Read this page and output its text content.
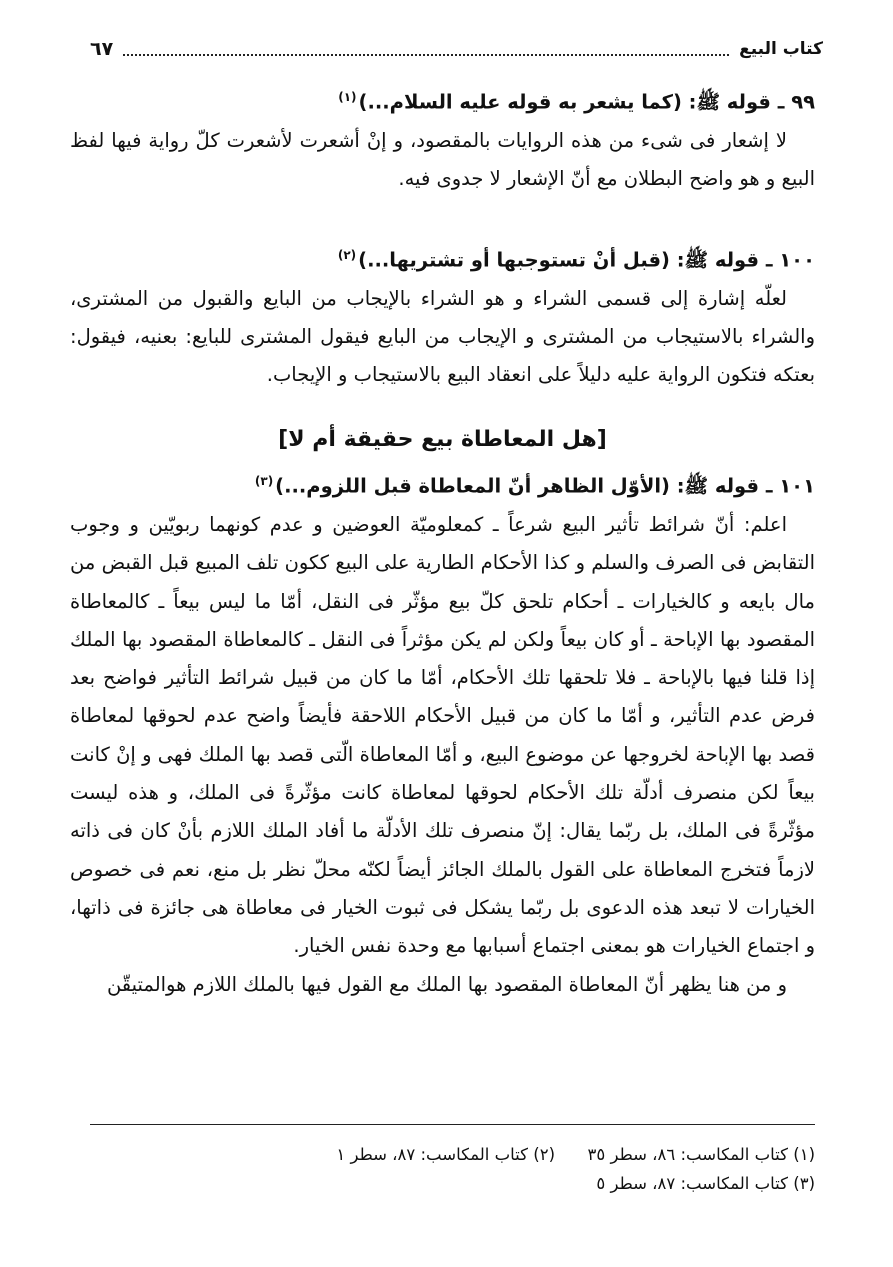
كتاب البيع
٦٧

٩٩ ـ قوله ﷺ: (كما يشعر به قوله عليه السلام...)$^{(١)}$

لا إشعار فى شىء من هذه الروايات بالمقصود، و إنْ أشعرت لأشعرت كلّ رواية فيها لفظ البيع و هو واضح البطلان مع أنّ الإشعار لا جدوى فيه.

١٠٠ ـ قوله ﷺ: (قبل أنْ تستوجبها أو تشتريها...)$^{(٢)}$

لعلّه إشارة إلى قسمى الشراء و هو الشراء بالإيجاب من البايع والقبول من المشترى، والشراء بالاستيجاب من المشترى و الإيجاب من البايع فيقول المشترى للبايع: بعنيه، فيقول: بعتكه فتكون الرواية عليه دليلاً على انعقاد البيع بالاستيجاب و الإيجاب.

[هل المعاطاة بيع حقيقة أم لا]

١٠١ ـ قوله ﷺ: (الأوّل الظاهر أنّ المعاطاة قبل اللزوم...)$^{(٣)}$

اعلم: أنّ شرائط تأثير البيع شرعاً ـ كمعلوميّة العوضين و عدم كونهما ربويّين و وجوب التقابض فى الصرف والسلم و كذا الأحكام الطارية على البيع ككون تلف المبيع قبل القبض من مال بايعه و كالخيارات ـ أحكام تلحق كلّ بيع مؤثّر فى النقل، أمّا ما ليس بيعاً ـ كالمعاطاة المقصود بها الإباحة ـ أو كان بيعاً ولكن لم يكن مؤثراً فى النقل ـ كالمعاطاة المقصود بها الملك إذا قلنا فيها بالإباحة ـ فلا تلحقها تلك الأحكام، أمّا ما كان من قبيل شرائط التأثير فواضح بعد فرض عدم التأثير، و أمّا ما كان من قبيل الأحكام اللاحقة فأيضاً واضح عدم لحوقها لمعاطاة قصد بها الإباحة لخروجها عن موضوع البيع، و أمّا المعاطاة الّتى قصد بها الملك فهى و إنْ كانت بيعاً لكن منصرف أدلّة تلك الأحكام لحوقها لمعاطاة كانت مؤثّرةً فى الملك، و هذه ليست مؤثّرةً فى الملك، بل ربّما يقال: إنّ منصرف تلك الأدلّة ما أفاد الملك اللازم بأنْ كان فى ذاته لازماً فتخرج المعاطاة على القول بالملك الجائز أيضاً لكنّه محلّ نظر بل منع، نعم فى خصوص الخيارات لا تبعد هذه الدعوى بل ربّما يشكل فى ثبوت الخيار فى معاطاة هى جائزة فى ذاتها، و اجتماع الخيارات هو بمعنى اجتماع أسبابها مع وحدة نفس الخيار.

و من هنا يظهر أنّ المعاطاة المقصود بها الملك مع القول فيها بالملك اللازم هوالمتيقّن

(١) كتاب المكاسب: ٨٦، سطر ٣٥
(٢) كتاب المكاسب: ٨٧، سطر ١
(٣) كتاب المكاسب: ٨٧، سطر ٥
